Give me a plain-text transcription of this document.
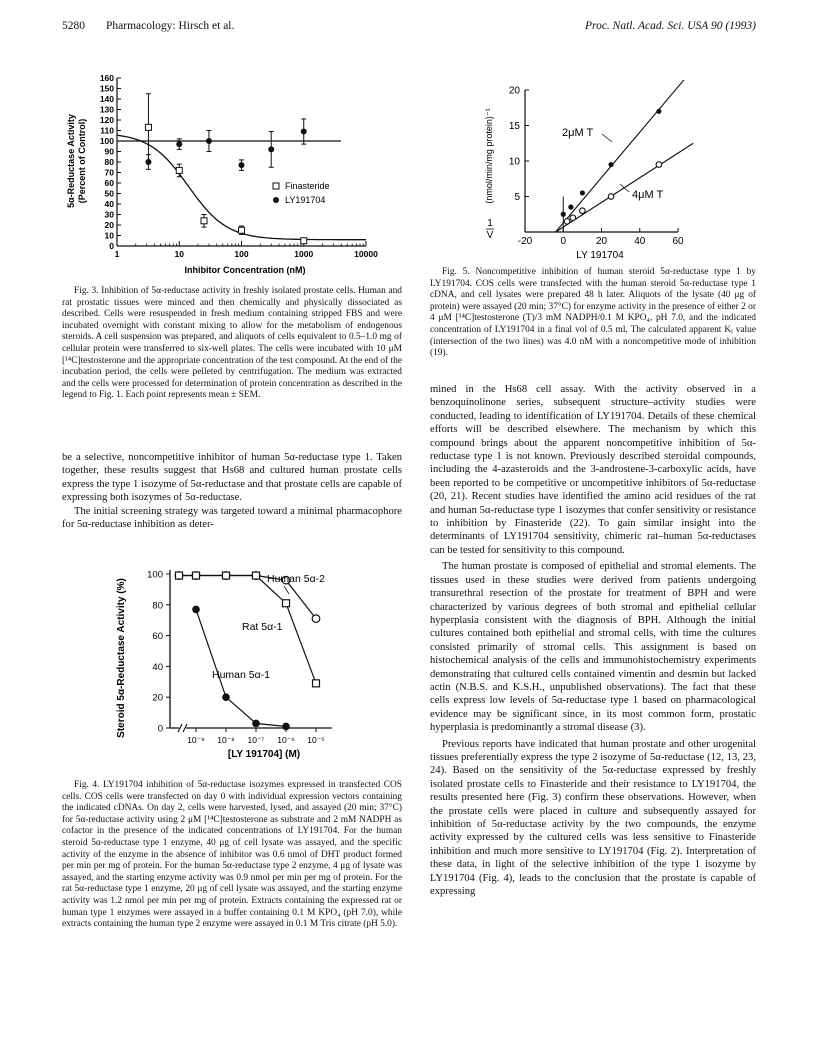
5280 Pharmacology: Hirsch et al.	Proc. Natl. Acad. Sci. USA 90 (1993)
0
10
20
30
40
50
60
70
80
90
100
110
120
130
140
150
160
1	10	100	1000	10000
Finasteride
LY191704
Inhibitor Concentration (nM)
5α-Reductase Activity (Percent of Control)

Fig. 3. Inhibition of 5α-reductase activity in freshly isolated prostate cells. Human and rat prostatic tissues were minced and then chemically and physically dissociated as described. Cells were resuspended in fresh medium containing stripped FBS and were incubated overnight with constant mixing to allow for the metabolism of endogenous steroids. A cell suspension was prepared, and aliquots of cells equivalent to 0.5–1.0 mg of cellular protein were transferred to six-well plates. The cells were incubated with 10 μM [¹⁴C]testosterone and the appropriate concentration of the test compound. At the end of the incubation period, the cells were pelleted by centrifugation. The medium was extracted and the cells were processed for determination of protein concentration as described in the legend to Fig. 1. Each point represents mean ± SEM.

be a selective, noncompetitive inhibitor of human 5α-reductase type 1. Taken together, these results suggest that Hs68 and cultured human prostate cells express the type 1 isozyme of 5α-reductase and that prostate cells are capable of expressing both isozymes of 5α-reductase.

The initial screening strategy was targeted toward a minimal pharmacophore for 5α-reductase inhibition as deter-

0
20
40
60
80
100
10⁻⁹ 10⁻⁸ 10⁻⁷ 10⁻⁶ 10⁻⁵
Human 5α-2
Rat 5α-1
Human 5α-1
[LY 191704] (M)
Steroid 5α-Reductase Activity (%)

Fig. 4. LY191704 inhibition of 5α-reductase isozymes expressed in transfected COS cells. COS cells were transfected on day 0 with individual expression vectors containing the indicated cDNAs. On day 2, cells were harvested, lysed, and assayed (20 min; 37°C) for 5α-reductase activity using 2 μM [¹⁴C]testosterone as substrate and 2 mM NADPH as cofactor in the presence of the indicated concentrations of LY191704. For the human steroid 5α-reductase type 1 enzyme, 40 μg of cell lysate was assayed, and the specific activity of the enzyme in the absence of inhibitor was 0.6 nmol of DHT product formed per min per mg of protein. For the human 5α-reductase type 2 enzyme, 4 μg of lysate was assayed, and the starting enzyme activity was 0.9 nmol per min per mg of protein. For the rat 5α-reductase type 1 enzyme, 20 μg of cell lysate was assayed, and the starting enzyme activity was 1.2 nmol per min per mg of protein. Extracts containing the expressed rat or human type 1 enzymes were assayed in a buffer containing 0.1 M KPO₄ (pH 7.0), while extracts containing the human type 2 enzyme were assayed in 0.1 M Tris citrate (pH 5.0).

5
10
15
20
-20	0	20	40	60
2μM T
4μM T
LY 191704
1
V
(nmol/min/mg protein)⁻¹

Fig. 5. Noncompetitive inhibition of human steroid 5α-reductase type 1 by LY191704. COS cells were transfected with the human steroid 5α-reductase type 1 cDNA, and cell lysates were prepared 48 h later. Aliquots of the lysate (40 μg of protein) were assayed (20 min; 37°C) for enzyme activity in the presence of either 2 or 4 μM [¹⁴C]testosterone (T)/3 mM NADPH/0.1 M KPO₄, pH 7.0, and the indicated concentration of LY191704 in a final vol of 0.5 ml. The calculated apparent Kᵢ value (intersection of the two lines) was 4.0 nM with a noncompetitive mode of inhibition (19).

mined in the Hs68 cell assay. With the activity observed in a benzoquinolinone series, subsequent structure–activity studies were conducted, leading to identification of LY191704. Details of these chemical efforts will be described elsewhere. The mechanism by which this compound brings about the apparent noncompetitive inhibition of 5α-reductase type 1 is not known. Previously described steroidal compounds, including the 4-azasteroids and the 3-androstene-3-carboxylic acids, have been reported to be competitive or uncompetitive inhibitors of 5α-reductase (20, 21). Recent studies have identified the amino acid residues of the rat and human 5α-reductase type 1 isozymes that confer sensitivity or resistance to inhibition by Finasteride (22). To gain similar insight into the determinants of LY191704 sensitivity, chimeric rat–human 5α-reductases can be tested for sensitivity to this compound.

The human prostate is composed of epithelial and stromal elements. The tissues used in these studies were derived from patients undergoing transurethral resection of the prostate for treatment of BPH and were characterized by various degrees of both stromal and epithelial cellular hyperplasia consistent with the diagnosis of BPH. Although the initial cultures contained both epithelial and stromal cells, with time the cultures consisted primarily of stromal cells. This assignment is based on histochemical analysis of the cells and immunohistochemistry experiments demonstrating that cultured cells contained vimentin and desmin but lacked actin (N.B.S. and K.S.H., unpublished observations). The fact that these cells express low levels of 5α-reductase type 1 based on pharmacological evidence may be significant since, in its most common form, prostatic hyperplasia is predominantly a stromal disease (3).

Previous reports have indicated that human prostate and other urogenital tissues preferentially express the type 2 isozyme of 5α-reductase (12, 13, 23, 24). Based on the sensitivity of the 5α-reductase expressed by freshly isolated prostate cells to Finasteride and their resistance to LY191704, the results presented here (Fig. 3) confirm these observations. However, when the prostate cells were placed in culture and subsequently assayed for inhibition of 5α-reductase activity by the two compounds, the enzyme activity expressed by the cultured cells was less sensitive to Finasteride inhibition and much more sensitive to LY191704 (Fig. 2). Interpretation of these data, in light of the selective inhibition of the type 1 isozyme by LY191704 (Fig. 4), leads to the conclusion that the prostate is capable of expressing
